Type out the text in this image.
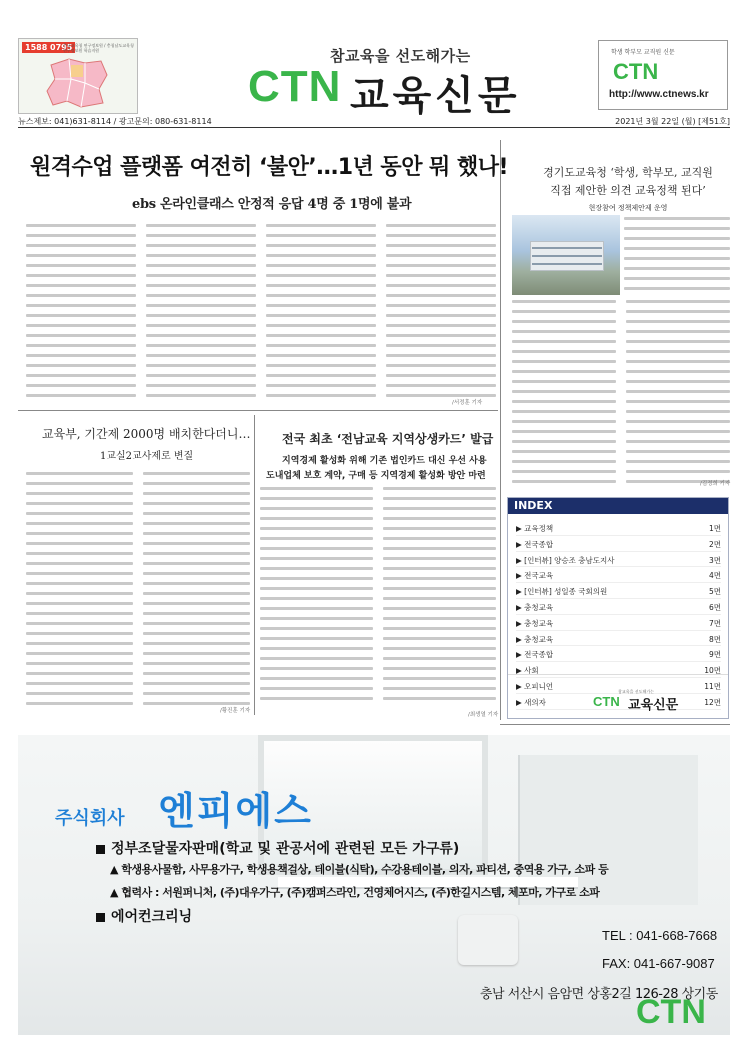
1588 0795
충남교육청 연구정보원 / 충청남도교육청 연구정보원 학습지원	참교육을 선도해가는
CTN 교육신문
학생 학부모 교직원 신문
CTN
http://www.ctnews.kr
뉴스제보: 041)631-8114 / 광고문의: 080-631-8114	2021년 3월 22일 (월) [제51호]
원격수업 플랫폼 여전히 ‘불안’…1년 동안 뭐 했나!
ebs 온라인클래스 안정적 응답 4명 중 1명에 불과
/서정훈 기자
경기도교육청 ‘학생, 학부모, 교직원
직접 제안한 의견 교육정책 된다’
현장참여 정책제안제 운영
/김정희 기자
교육부, 기간제 2000명 배치한다더니…
1교실2교사제로 변질
/황진훈 기자
전국 최초 ‘전남교육 지역상생카드’ 발급
지역경제 활성화 위해 기존 법인카드 대신 우선 사용
도내업체 보호 계약, 구매 등 지역경제 활성화 방안 마련
/최생열 기자
INDEX
▶ 교육정책	1면
▶ 전국종합	2면
▶ [인터뷰] 양승조 충남도지사	3면
▶ 전국교육	4면
▶ [인터뷰] 성일종 국회의원	5면
▶ 충청교육	6면
▶ 충청교육	7면
▶ 충청교육	8면
▶ 전국종합	9면
▶ 사회	10면
▶ 오피니언	11면
▶ 새의자	12면
참교육을 선도해가는
CTN 교육신문
주식회사 엔피에스
정부조달물자판매(학교 및 관공서에 관련된 모든 가구류)
▲ 학생용사물함, 사무용가구, 학생용책걸상, 테이블(식탁), 수강용테이블, 의자, 파티션, 중역용 가구, 소파 등
▲ 협력사 : 서원퍼니처, (주)대우가구, (주)캠퍼스라인, 건영체어시스, (주)한길시스템, 체포마, 가구로 소파
에어컨크리닝
TEL : 041-668-7668
FAX: 041-667-9087
충남 서산시 음암면 상홍2길 126-28 상기동
CTN
